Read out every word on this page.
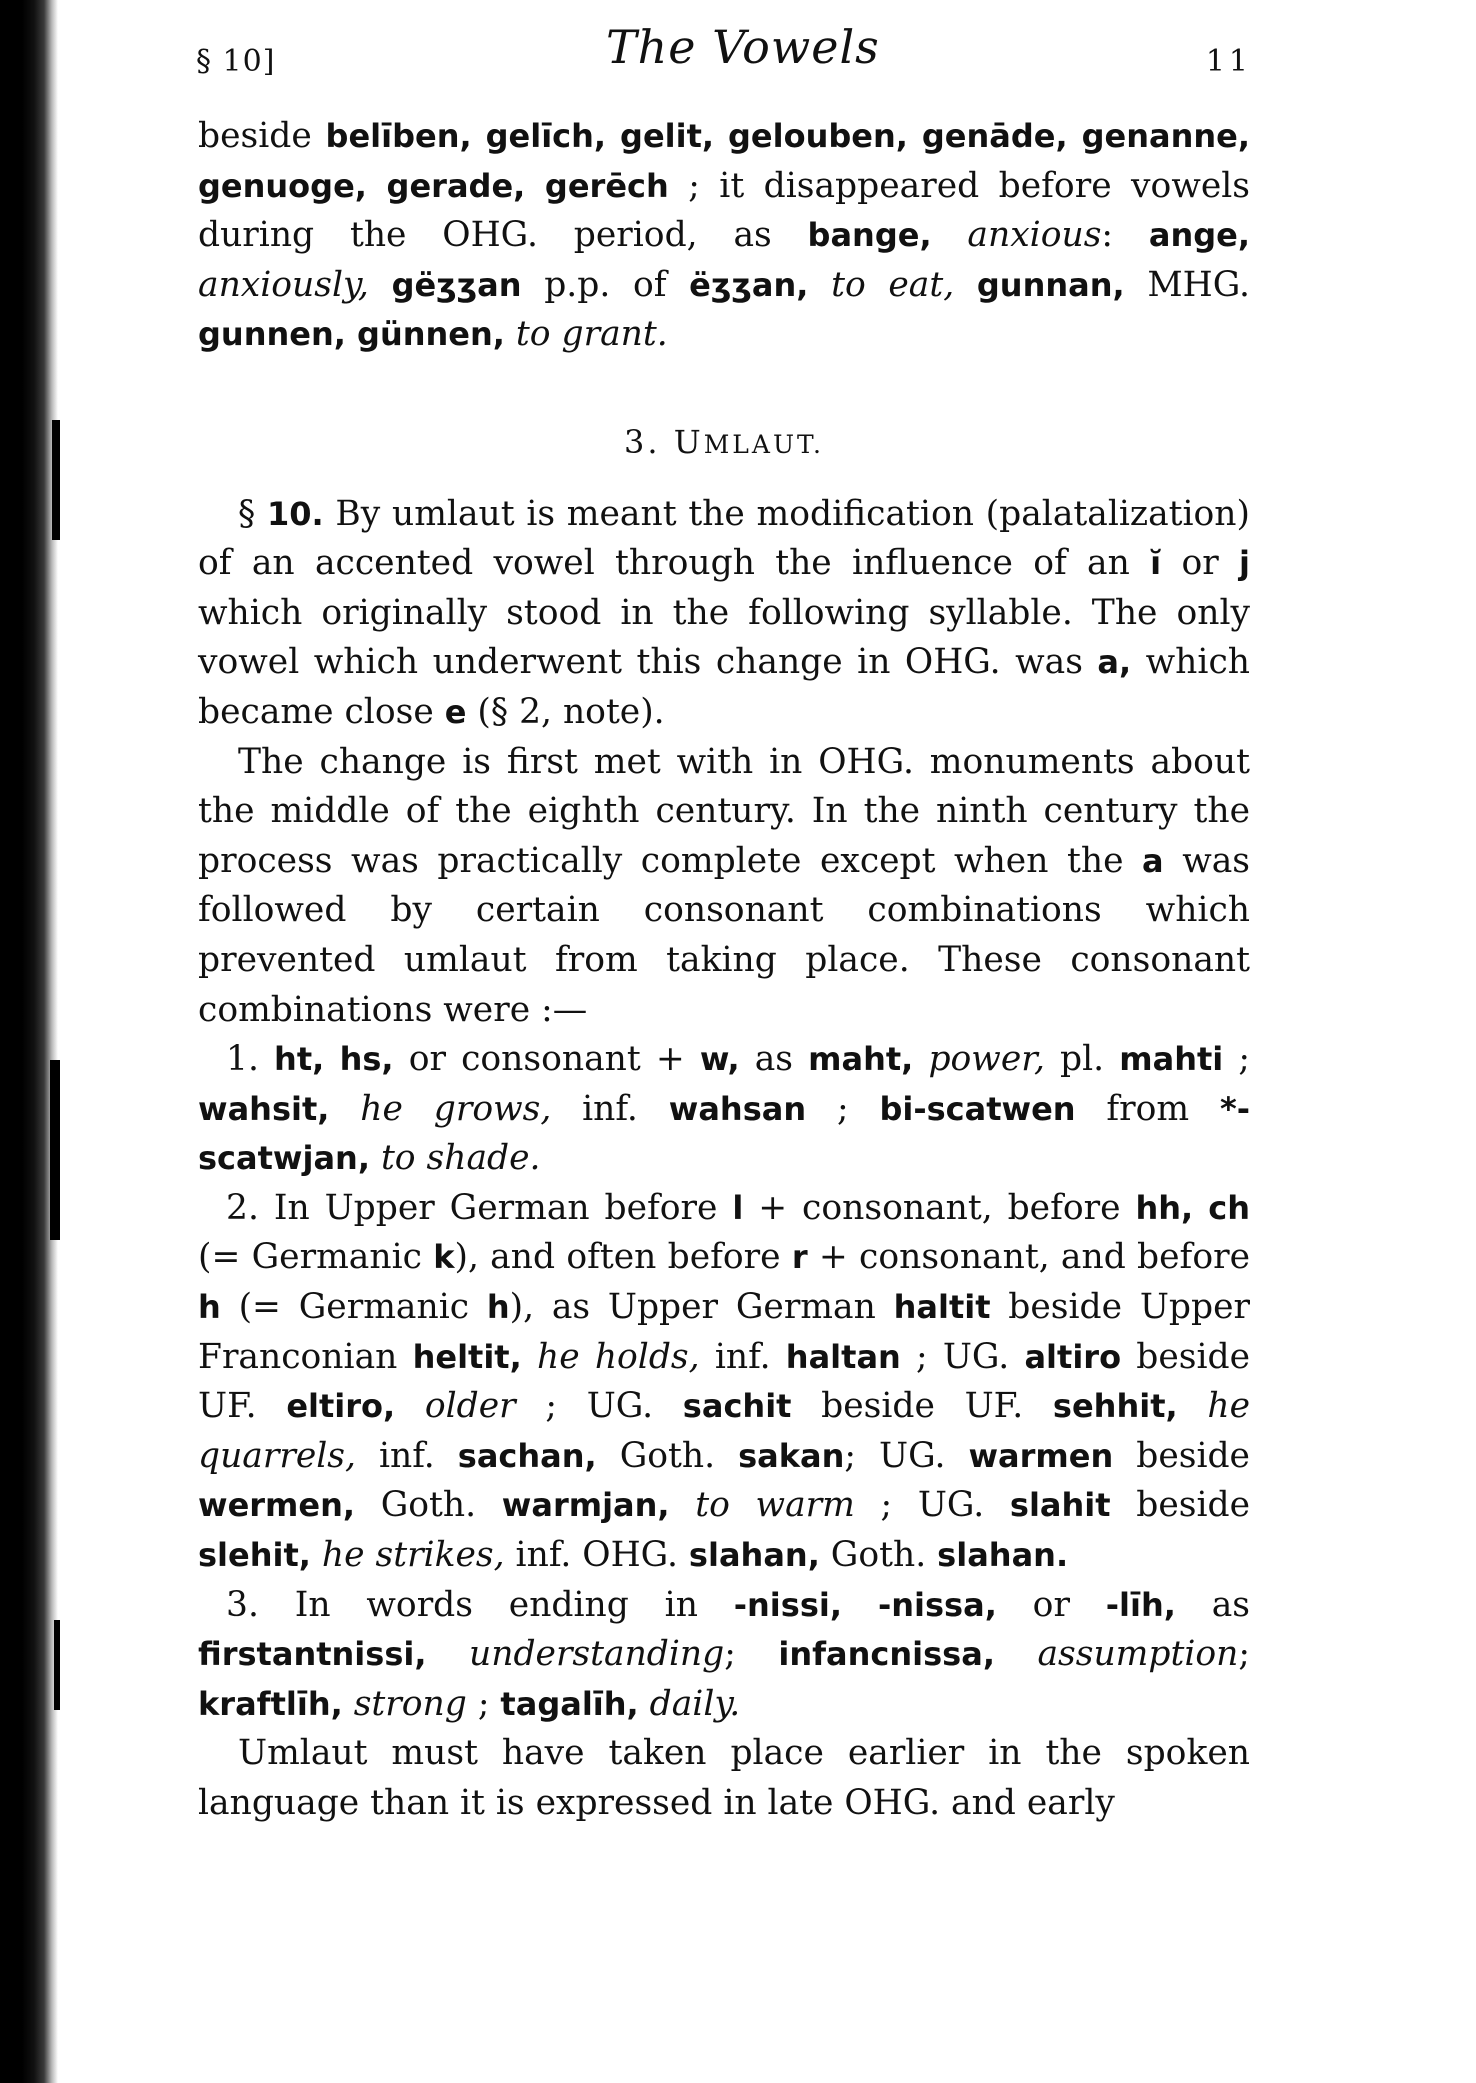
§ 10]	The Vowels	11

beside belīben, gelīch, gelit, gelouben, genāde, genanne, genuoge, gerade, gerēch ; it disappeared before vowels during the OHG. period, as bange, anxious: ange, anxiously, gëʒʒan p.p. of ëʒʒan, to eat, gunnan, MHG. gunnen, günnen, to grant.

3. UMLAUT.

§ 10. By umlaut is meant the modification (palatalization) of an accented vowel through the influence of an ĭ or j which originally stood in the following syllable. The only vowel which underwent this change in OHG. was a, which became close e (§ 2, note).

The change is first met with in OHG. monuments about the middle of the eighth century. In the ninth century the process was practically complete except when the a was followed by certain consonant combinations which prevented umlaut from taking place. These consonant combinations were :—

1. ht, hs, or consonant + w, as maht, power, pl. mahti ; wahsit, he grows, inf. wahsan ; bi-scatwen from *-scatwjan, to shade.

2. In Upper German before l + consonant, before hh, ch (= Germanic k), and often before r + consonant, and before h (= Germanic h), as Upper German haltit beside Upper Franconian heltit, he holds, inf. haltan ; UG. altiro beside UF. eltiro, older ; UG. sachit beside UF. sehhit, he quarrels, inf. sachan, Goth. sakan; UG. warmen beside wermen, Goth. warmjan, to warm ; UG. slahit beside slehit, he strikes, inf. OHG. slahan, Goth. slahan.

3. In words ending in -nissi, -nissa, or -līh, as firstantnissi, understanding; infancnissa, assumption; kraftlīh, strong ; tagalīh, daily.

Umlaut must have taken place earlier in the spoken language than it is expressed in late OHG. and early
